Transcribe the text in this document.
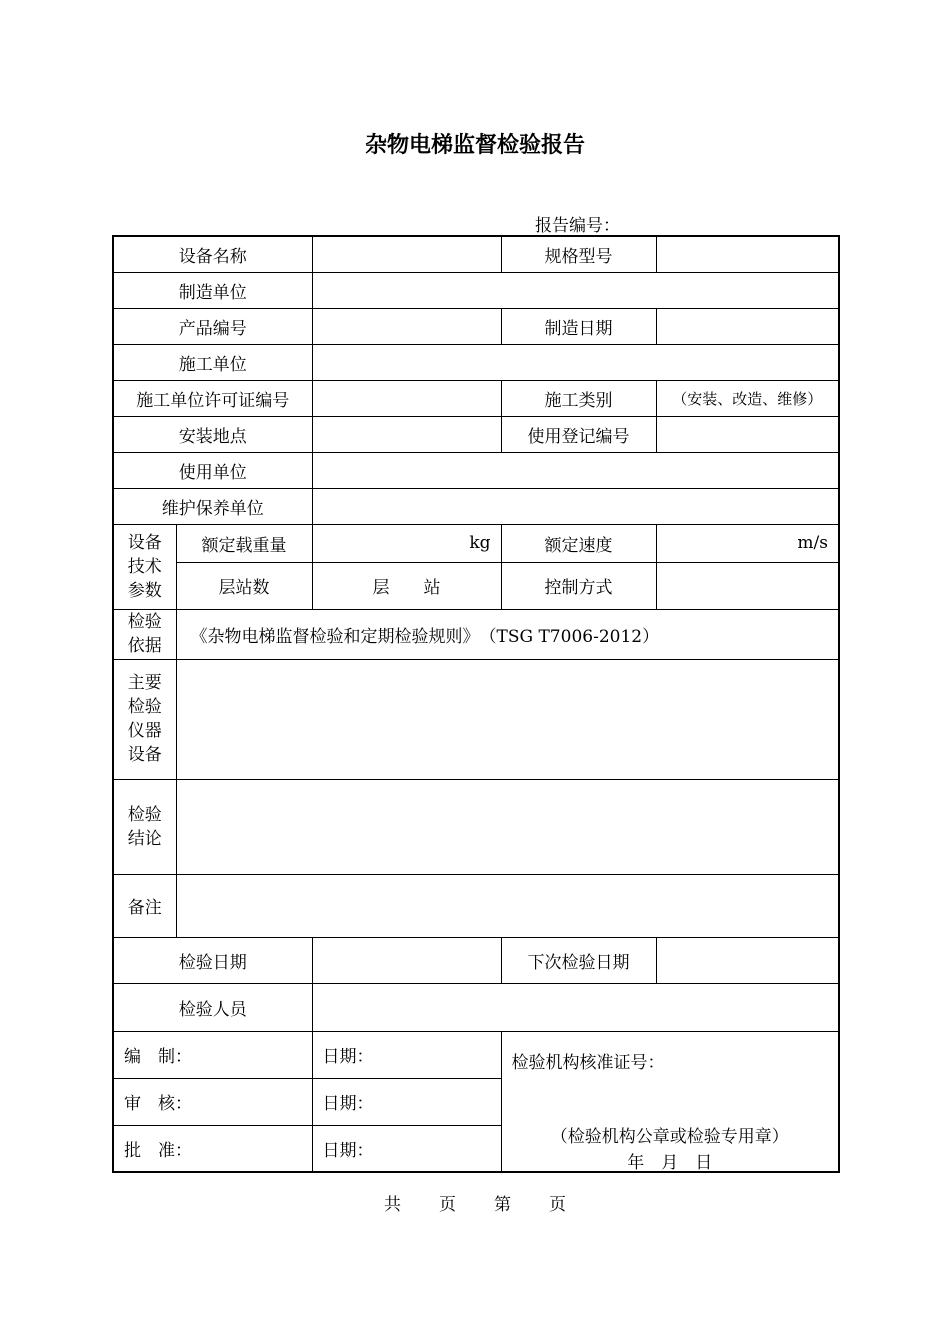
杂物电梯监督检验报告
报告编号：
设备名称			规格型号	
制造单位				
产品编号			制造日期	
施工单位				
施工单位许可证编号			施工类别	（安装、改造、维修）
安装地点			使用登记编号	
使用单位				
维护保养单位				
设备
技术
参数	额定载重量	kg	额定速度	m/s
	层站数	层　　站	控制方式	
检验
依据	《杂物电梯监督检验和定期检验规则》　（TSG T7006-2012）			
主要
检验
仪器
设备				
检验
结论				
备注				
检验日期			下次检验日期	
检验人员				
编　制：		日期：	检验机构核准证号：
（检验机构公章或检验专用章）
年　月　日	

审　核：		日期：		
批　准：		日期：		
共 页 第 页
